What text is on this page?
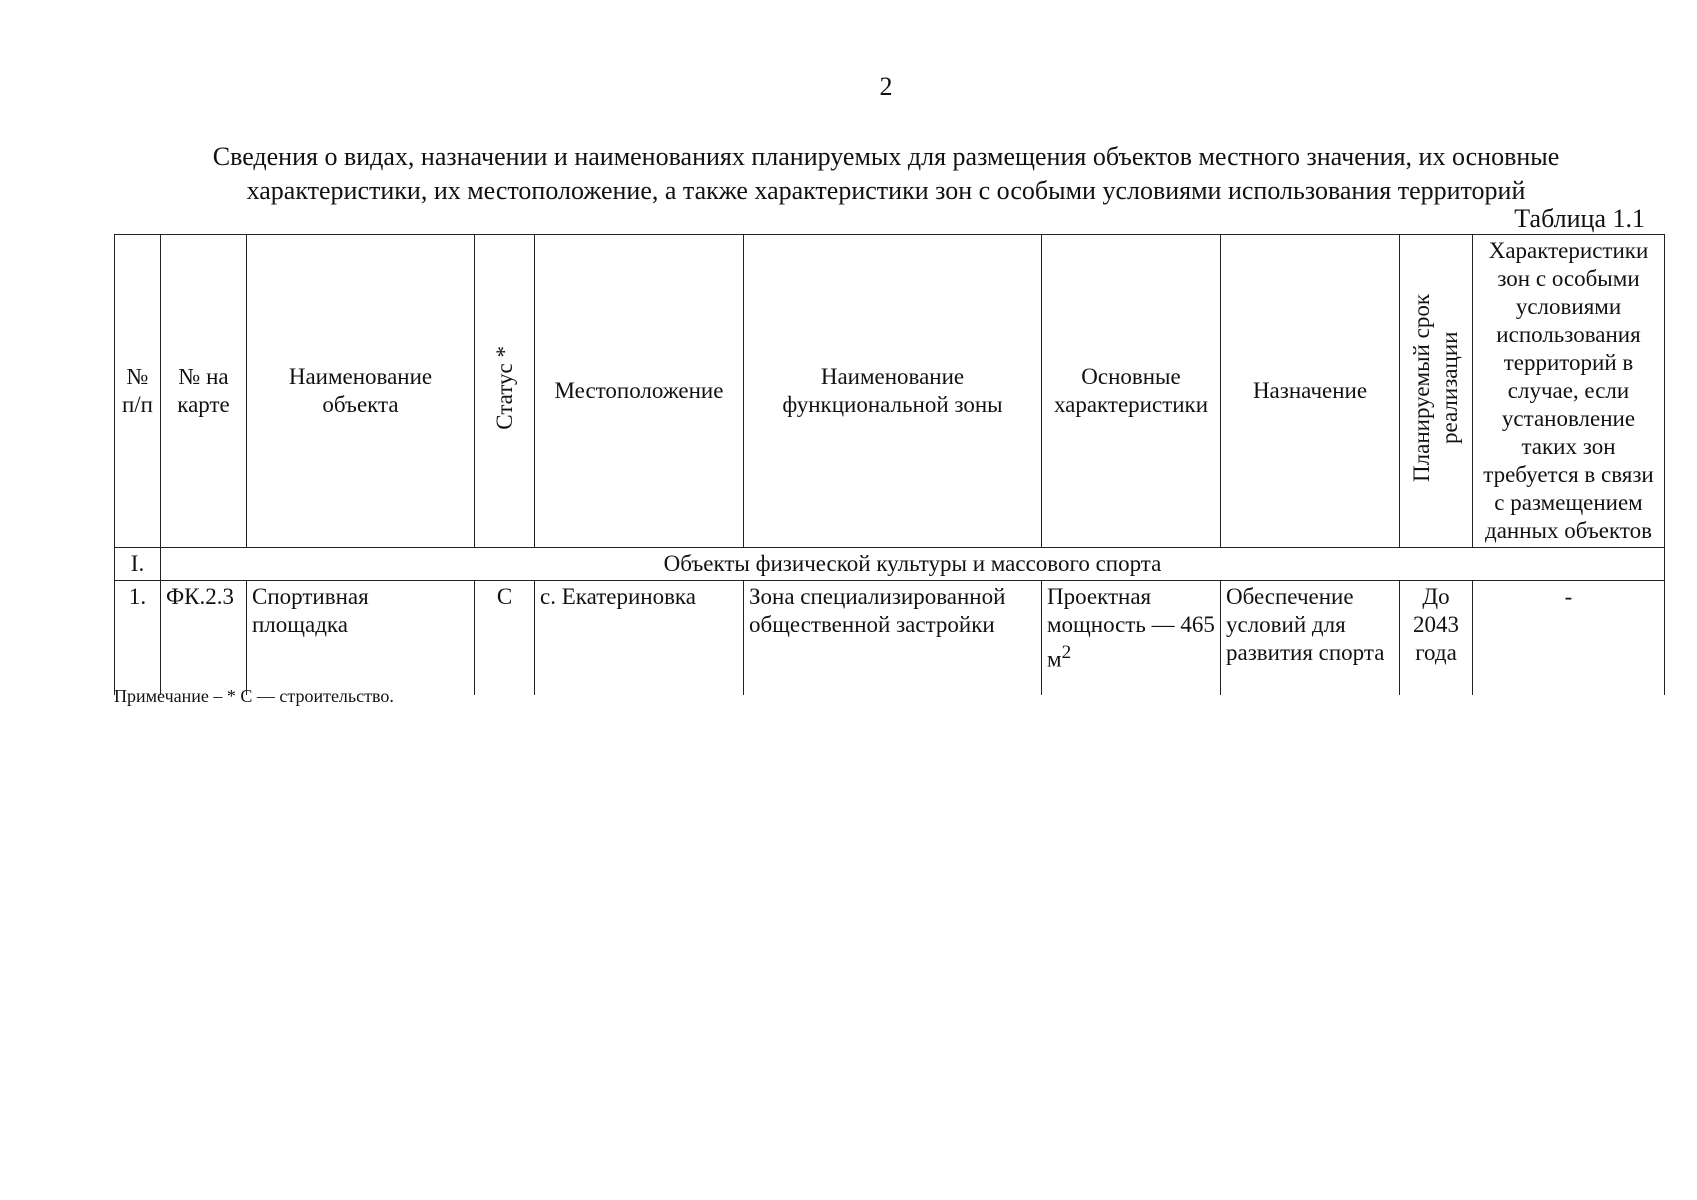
2
Сведения о видах, назначении и наименованиях планируемых для размещения объектов местного значения, их основные
характеристики, их местоположение, а также характеристики зон с особыми условиями использования территорий
Таблица 1.1
№ п/п	№ на карте	Наименование объекта	Статус *	Местоположение	Наименование функциональной зоны	Основные характеристики	Назначение	Планируемый срок реализации	Характеристики зон с особыми условиями использования территорий в случае, если установление таких зон требуется в связи с размещением данных объектов
I.	Объекты физической культуры и массового спорта								
1.	ФК.2.3	Спортивная площадка	С	с. Екатериновка	Зона специализированной общественной застройки	Проектная мощность — 465 $м^2$	Обеспечение условий для развития спорта	До 2043 года	-
Примечание – * С — строительство.
